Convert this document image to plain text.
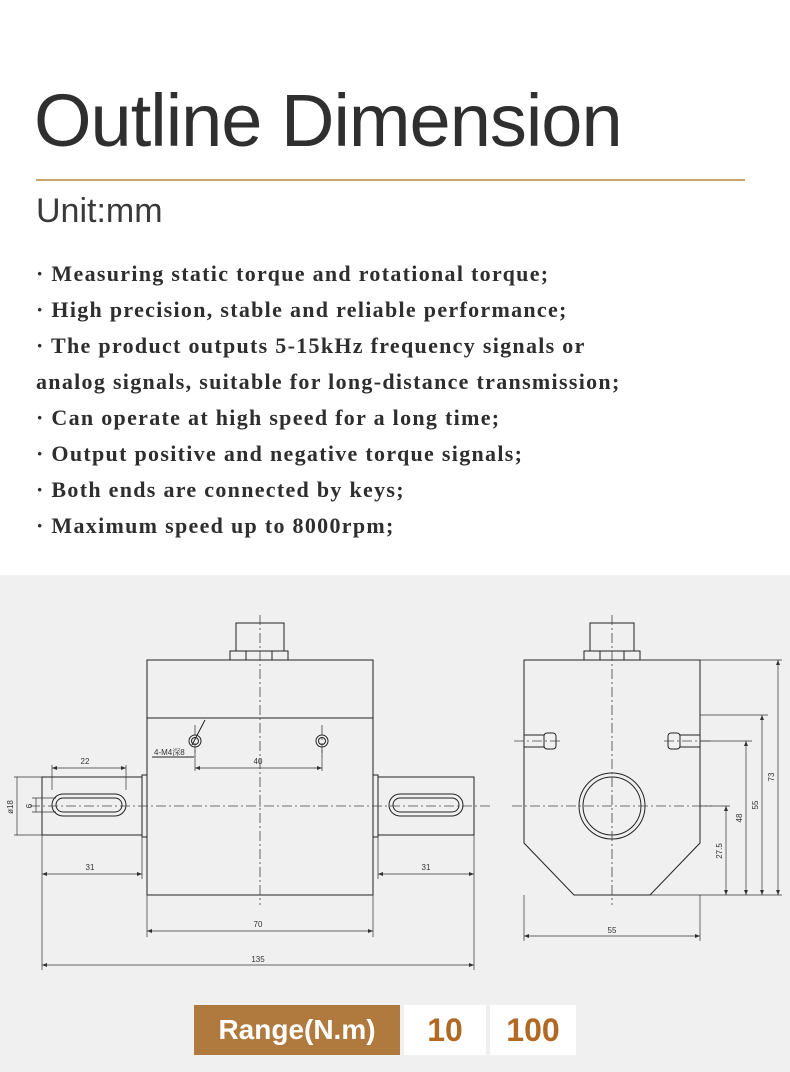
Outline Dimension
Unit:mm
· Measuring static torque and rotational torque;
· High precision, stable and reliable performance;
· The product outputs 5-15kHz frequency signals or
analog signals, suitable for long-distance transmission;
· Can operate at high speed for a long time;
· Output positive and negative torque signals;
· Both ends are connected by keys;
· Maximum speed up to 8000rpm;
22	40
4-M4深8
ø18 6
31	31
70
135
55
27.5
48
55
73
Range(N.m)	10	100
